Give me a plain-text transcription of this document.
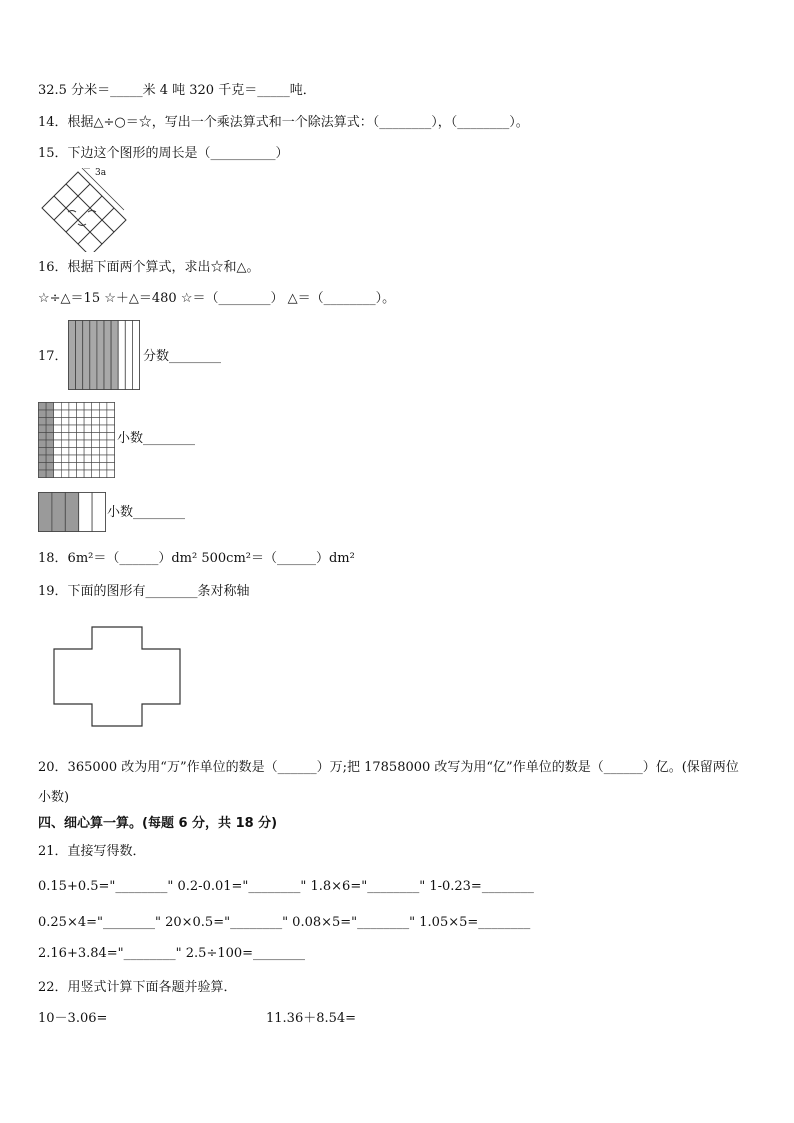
32.5 分米＝_____米 4 吨 320 千克＝_____吨．
14．根据△÷○＝☆，写出一个乘法算式和一个除法算式：（________），（________）。
15．下边这个图形的周长是（__________）
3a
16．根据下面两个算式，求出☆和△。
☆÷△＝15 ☆＋△＝480 ☆＝（________） △＝（________）。
17．	分数________
小数________
小数________
18．6m²＝（______）dm² 500cm²＝（______）dm²
19．下面的图形有________条对称轴
20．365000 改为用“万”作单位的数是（______）万;把 17858000 改写为用“亿”作单位的数是（______）亿。(保留两位
小数)
四、细心算一算。(每题 6 分，共 18 分)
21．直接写得数．
0.15+0.5="________" 0.2-0.01="________" 1.8×6="________" 1-0.23=________
0.25×4="________" 20×0.5="________" 0.08×5="________" 1.05×5=________
2.16+3.84="________" 2.5÷100=________
22．用竖式计算下面各题并验算．
10－3.06=	11.36＋8.54=
